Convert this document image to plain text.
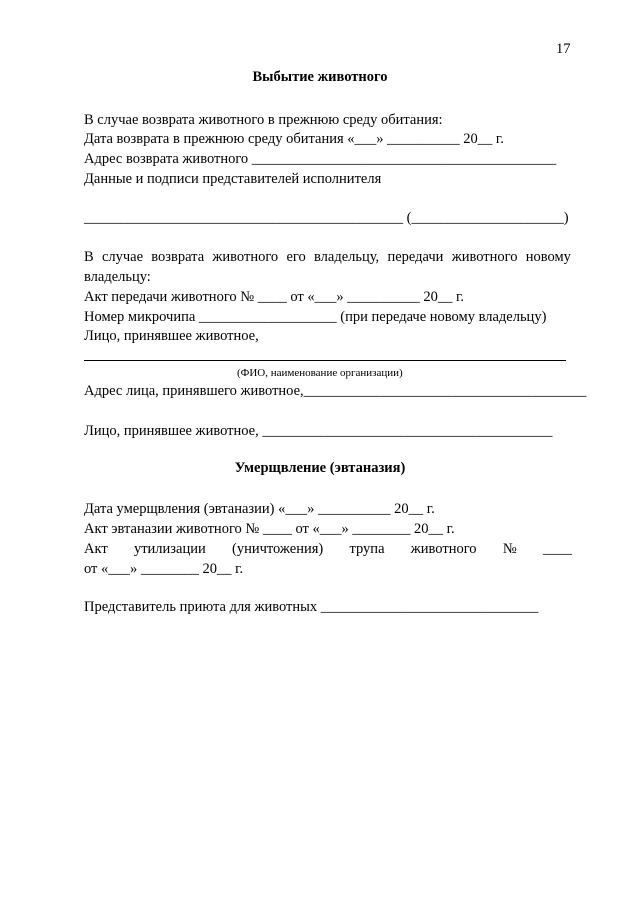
17
Выбытие животного
В случае возврата животного в прежнюю среду обитания:
Дата возврата в прежнюю среду обитания «___» __________ 20__ г.
Адрес возврата животного __________________________________________
Данные и подписи представителей исполнителя
____________________________________________ (_____________________)
В случае возврата животного его владельцу, передачи животного новому
владельцу:
Акт передачи животного № ____ от «___» __________ 20__ г.
Номер микрочипа ___________________ (при передаче новому владельцу)
Лицо, принявшее животное,
(ФИО, наименование организации)
Адрес лица, принявшего животное,_______________________________________
Лицо, принявшее животное, ________________________________________
Умерщвление (эвтаназия)
Дата умерщвления (эвтаназии) «___» __________ 20__ г.
Акт эвтаназии животного № ____ от «___» ________ 20__ г.
Акт утилизации (уничтожения) трупа животного № ____
от «___» ________ 20__ г.
Представитель приюта для животных ______________________________
